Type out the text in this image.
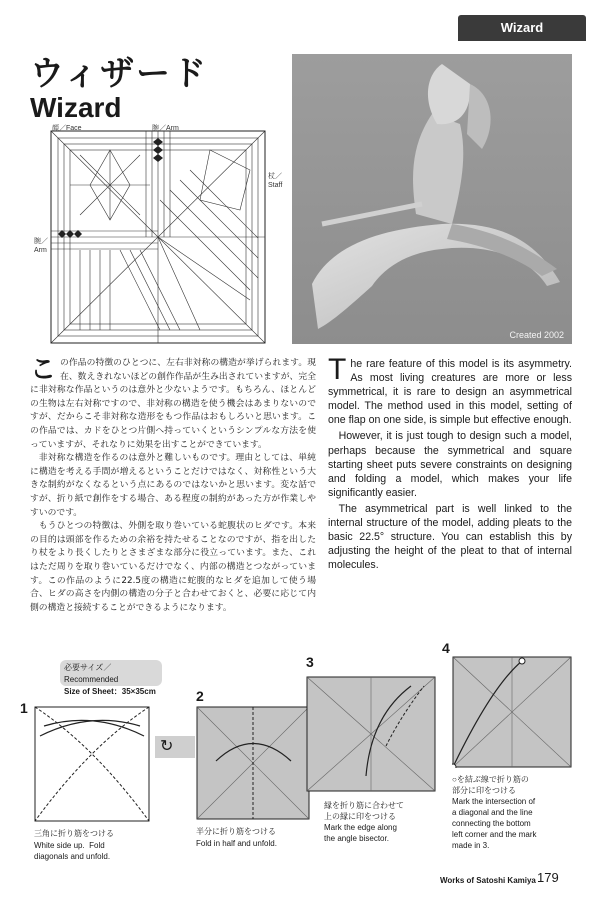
Wizard
ウィザード
Wizard
顔／Face	腕／Arm
杖／
Staff
腕／
Arm
Created 2002

この作品の特徴のひとつに、左右非対称の構造が挙げられます。現在、数えきれないほどの創作作品が生み出されていますが、完全に非対称な作品というのは意外と少ないようです。もちろん、ほとんどの生物は左右対称ですので、非対称の構造を使う機会はあまりないのですが、だからこそ非対称な造形をもつ作品はおもしろいと思います。この作品では、カドをひとつ片側へ持っていくというシンプルな方法を使っていますが、それなりに効果を出すことができています。

非対称な構造を作るのは意外と難しいものです。理由としては、単純に構造を考える手間が増えるということだけではなく、対称性という大きな制約がなくなるという点にあるのではないかと思います。変な話ですが、折り紙で創作をする場合、ある程度の制約があった方が作業しやすいのです。

もうひとつの特徴は、外側を取り巻いている蛇腹状のヒダです。本来の目的は頭部を作るための余裕を持たせることなのですが、指を出したり杖をより長くしたりとさまざまな部分に役立っています。また、これはただ周りを取り巻いているだけでなく、内部の構造とつながっています。この作品のように22.5度の構造に蛇腹的なヒダを追加して使う場合、ヒダの高さを内側の構造の分子と合わせておくと、必要に応じて内側の構造と接続することができるようになります。

The rare feature of this model is its asymmetry. As most living creatures are more or less symmetrical, it is rare to design an asymmetrical model. The method used in this model, setting of one flap on one side, is simple but effective enough.

However, it is just tough to design such a model, perhaps because the symmetrical and square starting sheet puts severe constraints on designing and folding a model, which makes your life significantly easier.

The asymmetrical part is well linked to the internal structure of the model, adding pleats to the basic 22.5° structure. You can establish this by adjusting the height of the pleat to that of internal molecules.

必要サイズ／Recommended
Size of Sheet：35×35cm
1
三角に折り筋をつける
White side up.  Fold
diagonals and unfold.
↻
2
半分に折り筋をつける
Fold in half and unfold.
3
縁を折り筋に合わせて
上の縁に印をつける
Mark the edge along
the angle bisector.
4
○を結ぶ線で折り筋の
部分に印をつける
Mark the intersection of
a diagonal and the line
connecting the bottom
left corner and the mark
made in 3.
Works of Satoshi Kamiya 179
